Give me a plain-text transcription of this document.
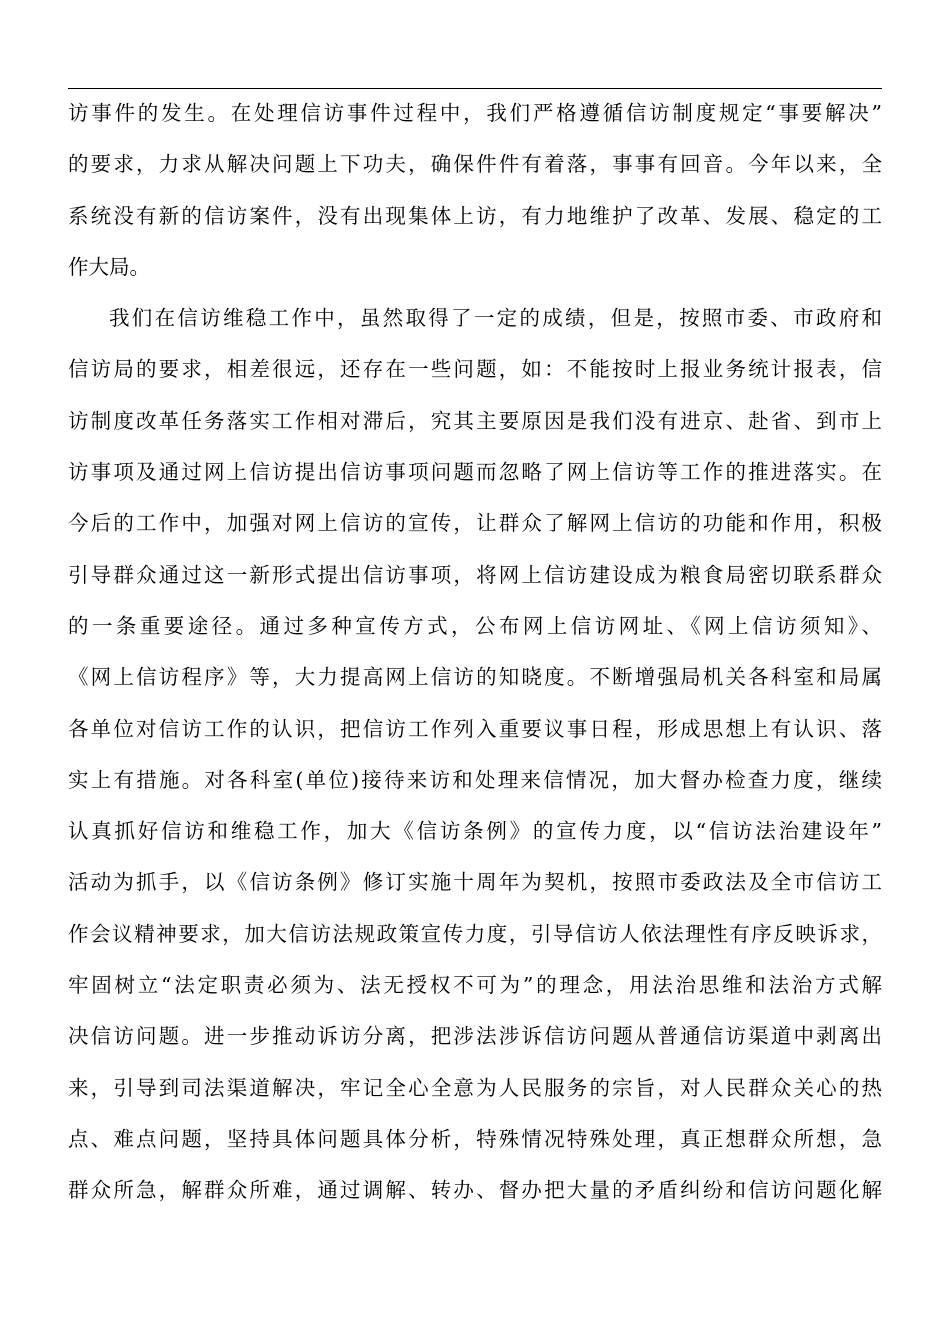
访事件的发生。在处理信访事件过程中，我们严格遵循信访制度规定“事要解决”
的要求，力求从解决问题上下功夫，确保件件有着落，事事有回音。今年以来，全
系统没有新的信访案件，没有出现集体上访，有力地维护了改革、发展、稳定的工
作大局。
我们在信访维稳工作中，虽然取得了一定的成绩，但是，按照市委、市政府和
信访局的要求，相差很远，还存在一些问题，如：不能按时上报业务统计报表，信
访制度改革任务落实工作相对滞后，究其主要原因是我们没有进京、赴省、到市上
访事项及通过网上信访提出信访事项问题而忽略了网上信访等工作的推进落实。在
今后的工作中，加强对网上信访的宣传，让群众了解网上信访的功能和作用，积极
引导群众通过这一新形式提出信访事项，将网上信访建设成为粮食局密切联系群众
的一条重要途径。通过多种宣传方式，公布网上信访网址、《网上信访须知》、
《网上信访程序》等，大力提高网上信访的知晓度。不断增强局机关各科室和局属
各单位对信访工作的认识，把信访工作列入重要议事日程，形成思想上有认识、落
实上有措施。对各科室(单位)接待来访和处理来信情况，加大督办检查力度，继续
认真抓好信访和维稳工作，加大《信访条例》的宣传力度，以“信访法治建设年”
活动为抓手，以《信访条例》修订实施十周年为契机，按照市委政法及全市信访工
作会议精神要求，加大信访法规政策宣传力度，引导信访人依法理性有序反映诉求，
牢固树立“法定职责必须为、法无授权不可为”的理念，用法治思维和法治方式解
决信访问题。进一步推动诉访分离，把涉法涉诉信访问题从普通信访渠道中剥离出
来，引导到司法渠道解决，牢记全心全意为人民服务的宗旨，对人民群众关心的热
点、难点问题，坚持具体问题具体分析，特殊情况特殊处理，真正想群众所想，急
群众所急，解群众所难，通过调解、转办、督办把大量的矛盾纠纷和信访问题化解
